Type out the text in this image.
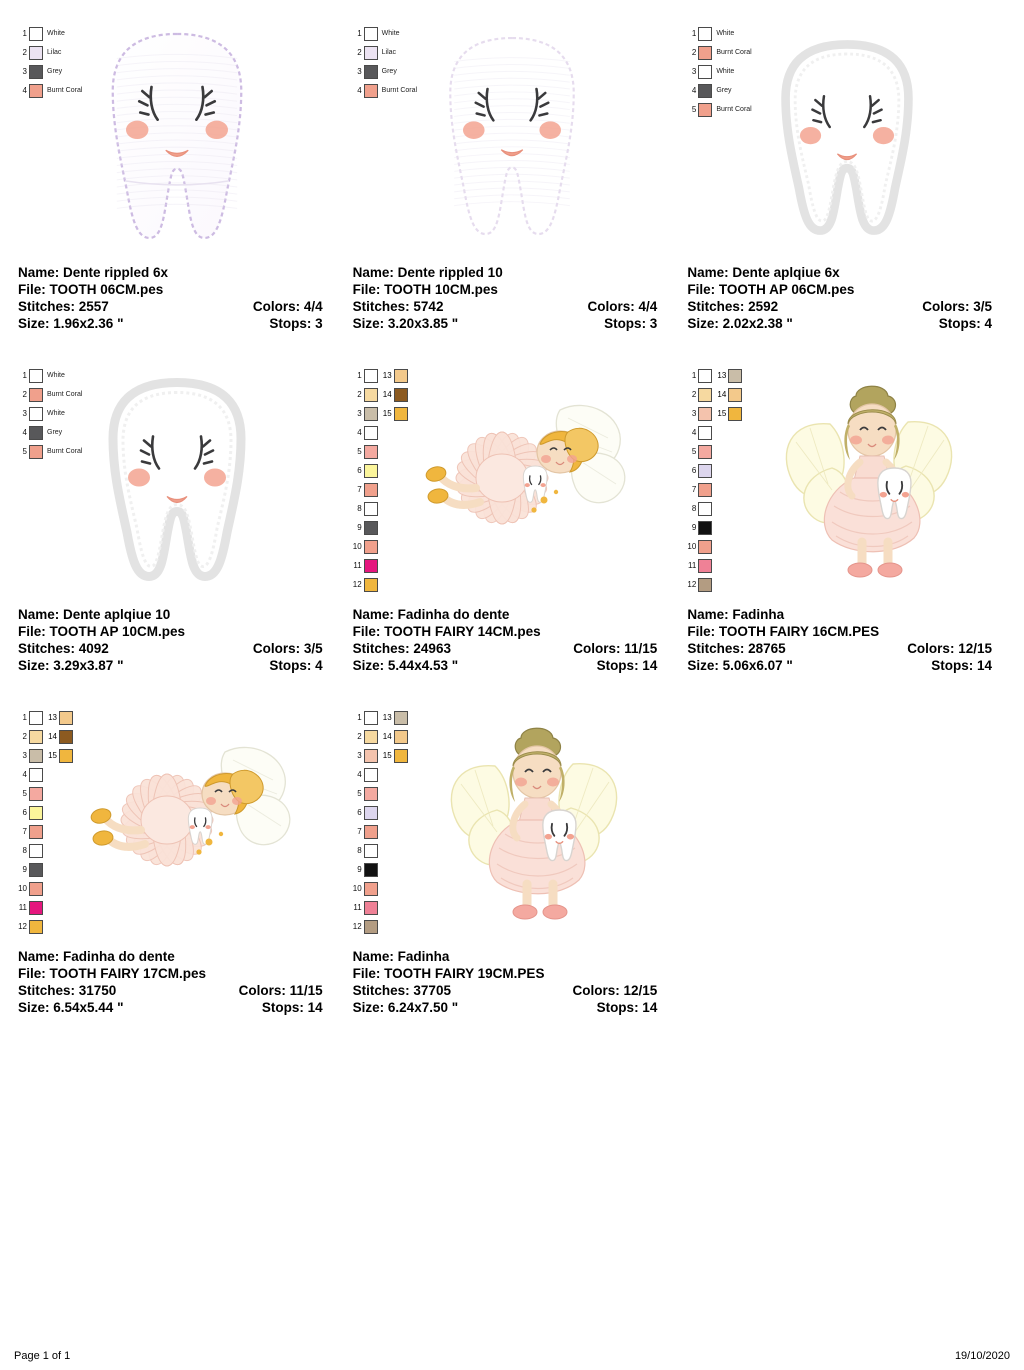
1	White
2	Lilac
3	Grey
4	Burnt Coral
Name: Dente rippled 6x
File: TOOTH 06CM.pes
Stitches: 2557	Colors: 4/4
Size: 1.96x2.36 "	Stops: 3
1	White
2	Lilac
3	Grey
4	Burnt Coral
Name: Dente rippled 10
File: TOOTH 10CM.pes
Stitches: 5742	Colors: 4/4
Size: 3.20x3.85 "	Stops: 3
1	White
2	Burnt Coral
3	White
4	Grey
5	Burnt Coral
Name: Dente aplqiue 6x
File: TOOTH AP 06CM.pes
Stitches: 2592	Colors: 3/5
Size: 2.02x2.38 "	Stops: 4
1	White
2	Burnt Coral
3	White
4	Grey
5	Burnt Coral
Name: Dente aplqiue 10
File: TOOTH AP 10CM.pes
Stitches: 4092	Colors: 3/5
Size: 3.29x3.87 "	Stops: 4
1	13
2	14
3	15
4
5
6
7
8
9
10
11
12
Name: Fadinha do dente
File: TOOTH FAIRY 14CM.pes
Stitches: 24963	Colors: 11/15
Size: 5.44x4.53 "	Stops: 14
1	13
2	14
3	15
4
5
6
7
8
9
10
11
12
Name: Fadinha
File: TOOTH FAIRY 16CM.PES
Stitches: 28765	Colors: 12/15
Size: 5.06x6.07 "	Stops: 14
1	13
2	14
3	15
4
5
6
7
8
9
10
11
12
Name: Fadinha do dente
File: TOOTH FAIRY 17CM.pes
Stitches: 31750	Colors: 11/15
Size: 6.54x5.44 "	Stops: 14
1	13
2	14
3	15
4
5
6
7
8
9
10
11
12
Name: Fadinha
File: TOOTH FAIRY 19CM.PES
Stitches: 37705	Colors: 12/15
Size: 6.24x7.50 "	Stops: 14
Page 1 of 1	19/10/2020
